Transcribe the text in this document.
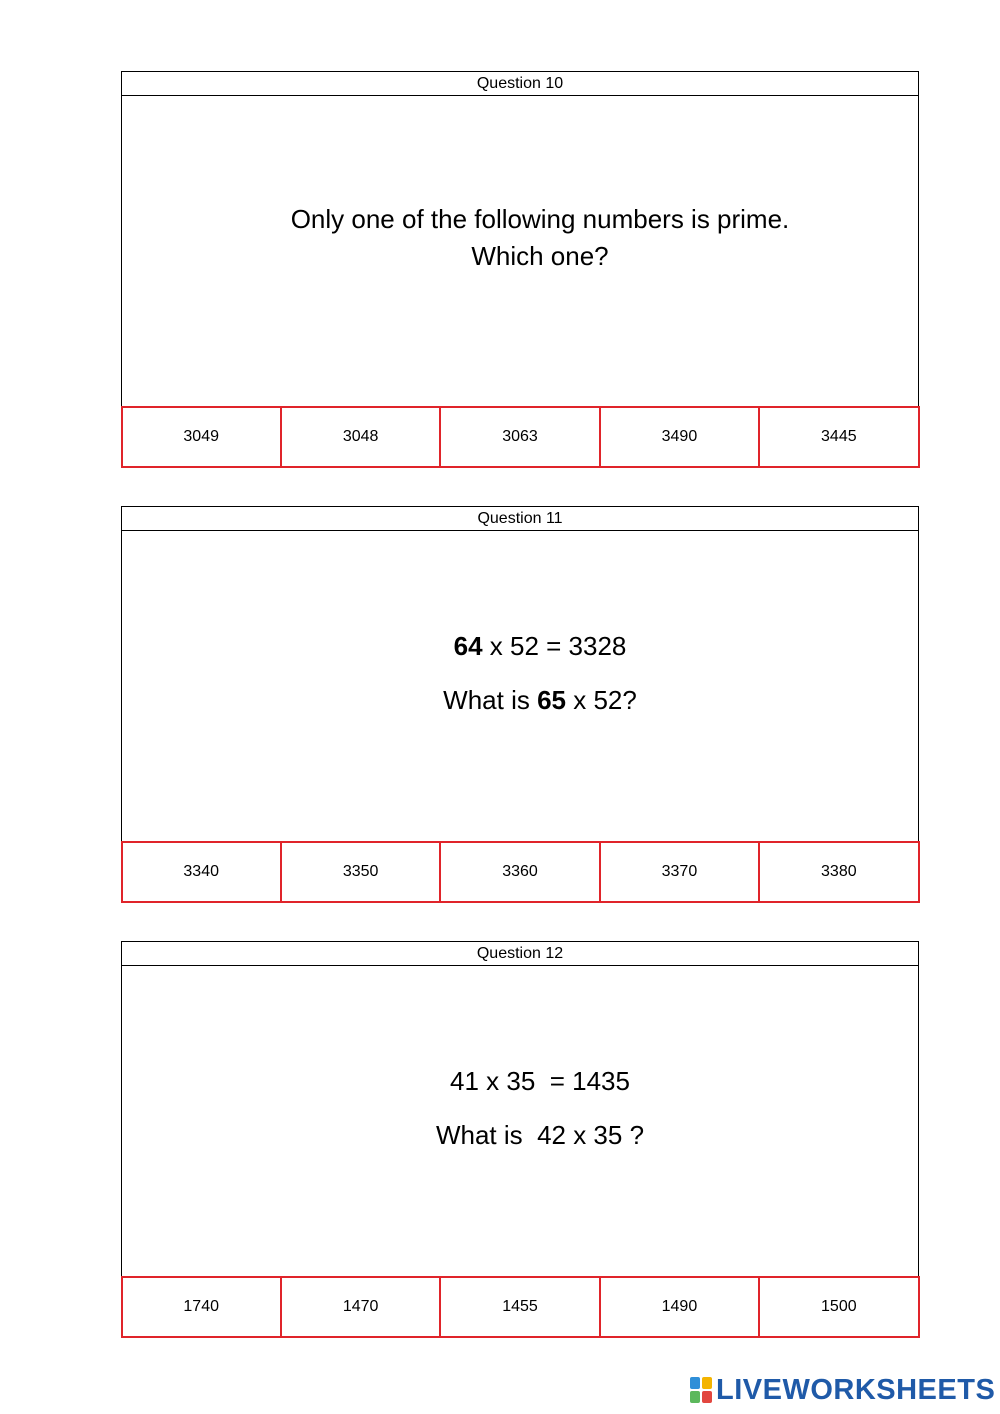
Question 10
Only one of the following numbers is prime.
Which one?
3049	3048	3063	3490	3445
Question 11
64 x 52 = 3328
What is 65 x 52?
3340	3350	3360	3370	3380
Question 12
41 x 35  = 1435
What is  42 x 35 ?
1740	1470	1455	1490	1500
LIVEWORKSHEETS
